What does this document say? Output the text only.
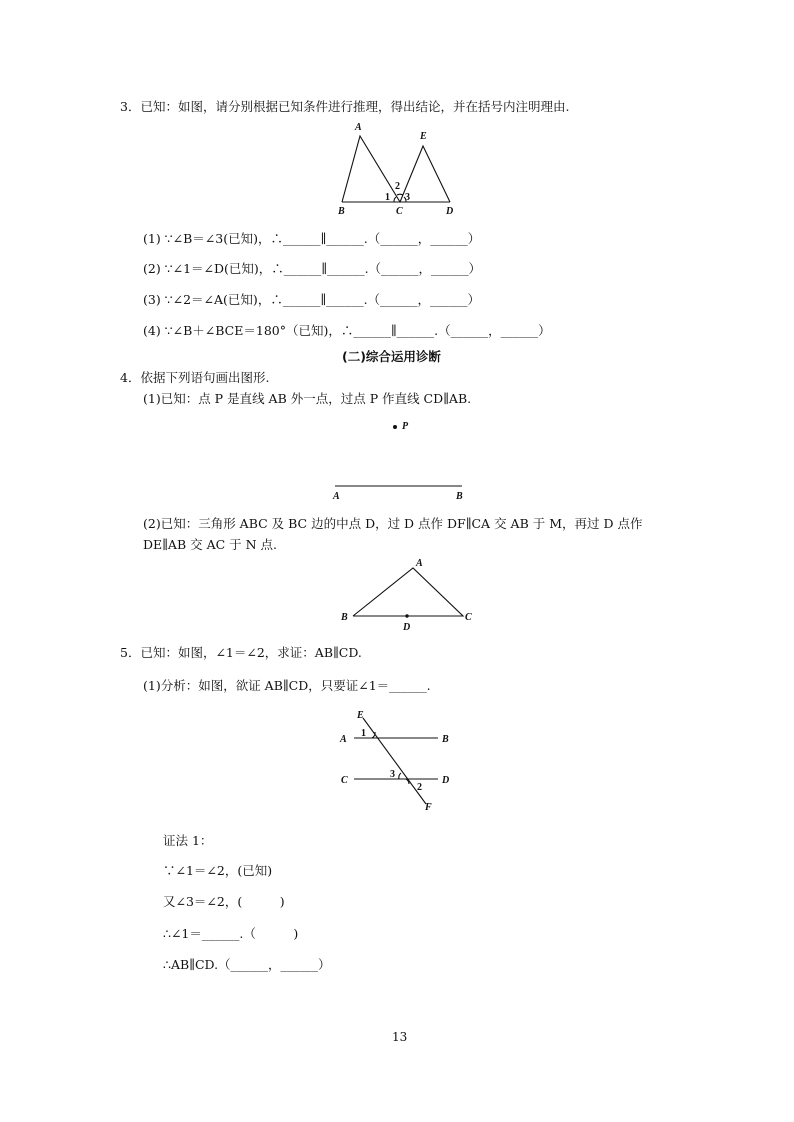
3．已知：如图，请分别根据已知条件进行推理，得出结论，并在括号内注明理由.
A
E
B	C	D
1
2
3
(1) ∵∠B＝∠3(已知)，∴______∥______.（______，______）
(2) ∵∠1＝∠D(已知)，∴______∥______.（______，______）
(3) ∵∠2＝∠A(已知)，∴______∥______.（______，______）
(4) ∵∠B＋∠BCE＝180°（已知)，∴______∥______.（______，______）
(二)综合运用诊断
4．依据下列语句画出图形.
(1)已知：点 P 是直线 AB 外一点，过点 P 作直线 CD∥AB.
P
A	B
(2)已知：三角形 ABC 及 BC 边的中点 D，过 D 点作 DF∥CA 交 AB 于 M，再过 D 点作
DE∥AB 交 AC 于 N 点.
A
B	C
D
5．已知：如图，∠1＝∠2，求证：AB∥CD.
(1)分析：如图，欲证 AB∥CD，只要证∠1＝______.
E
A	B
C	D
F
1
3
2
证法 1：
∵∠1＝∠2，(已知)
又∠3＝∠2，(　　　)
∴∠1＝______.（　　　)
∴AB∥CD.（______，______）
13
